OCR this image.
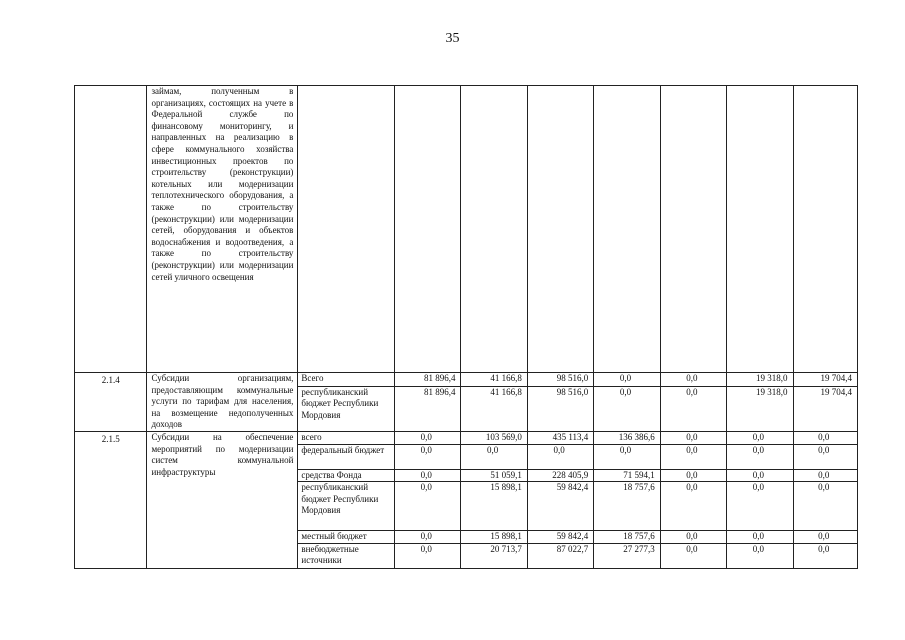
35
	займам, полученным в организациях, состоящих на учете в Федеральной службе по финансовому мониторингу, и направленных на реализацию в сфере коммунального хозяйства инвестиционных проектов по строительству (реконструкции) котельных или модернизации теплотехнического оборудования, а также по строительству (реконструкции) или модернизации сетей, оборудования и объектов водоснабжения и водоотведения, а также по строительству (реконструкции) или модернизации сетей уличного освещения								
2.1.4	Субсидии организациям, предоставляющим коммунальные услуги по тарифам для населения, на возмещение недополученных доходов	Всего	81 896,4	41 166,8	98 516,0	0,0	0,0	19 318,0	19 704,4
		республиканский бюджет Республики Мордовия	81 896,4	41 166,8	98 516,0	0,0	0,0	19 318,0	19 704,4
2.1.5	Субсидии на обеспечение мероприятий по модернизации систем коммунальной инфраструктуры	всего	0,0	103 569,0	435 113,4	136 386,6	0,0	0,0	0,0
		федеральный бюджет	0,0	0,0	0,0	0,0	0,0	0,0	0,0
		средства Фонда	0,0	51 059,1	228 405,9	71 594,1	0,0	0,0	0,0
		республиканский бюджет Республики Мордовия	0,0	15 898,1	59 842,4	18 757,6	0,0	0,0	0,0
		местный бюджет	0,0	15 898,1	59 842,4	18 757,6	0,0	0,0	0,0
		внебюджетные источники	0,0	20 713,7	87 022,7	27 277,3	0,0	0,0	0,0
